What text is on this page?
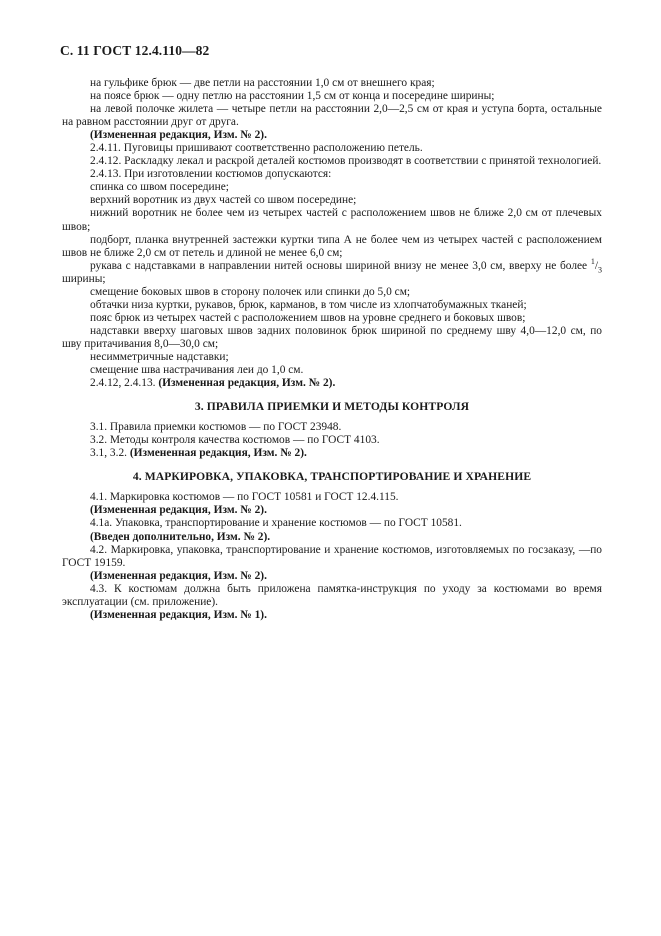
С. 11 ГОСТ 12.4.110—82

на гульфике брюк — две петли на расстоянии 1,0 см от внешнего края;

на поясе брюк — одну петлю на расстоянии 1,5 см от конца и посередине ширины;

на левой полочке жилета — четыре петли на расстоянии 2,0—2,5 см от края и уступа борта, остальные на равном расстоянии друг от друга.

(Измененная редакция, Изм. № 2).

2.4.11. Пуговицы пришивают соответственно расположению петель.

2.4.12. Раскладку лекал и раскрой деталей костюмов производят в соответствии с принятой технологией.

2.4.13. При изготовлении костюмов допускаются:

спинка со швом посередине;

верхний воротник из двух частей со швом посередине;

нижний воротник не более чем из четырех частей с расположением швов не ближе 2,0 см от плечевых швов;

подборт, планка внутренней застежки куртки типа А не более чем из четырех частей с расположением швов не ближе 2,0 см от петель и длиной не менее 6,0 см;

рукава с надставками в направлении нитей основы шириной внизу не менее 3,0 см, вверху не более $^1/_3$ ширины;

смещение боковых швов в сторону полочек или спинки до 5,0 см;

обтачки низа куртки, рукавов, брюк, карманов, в том числе из хлопчатобумажных тканей;

пояс брюк из четырех частей с расположением швов на уровне среднего и боковых швов;

надставки вверху шаговых швов задних половинок брюк шириной по среднему шву 4,0—12,0 см, по шву притачивания 8,0—30,0 см;

несимметричные надставки;

смещение шва настрачивания леи до 1,0 см.

2.4.12, 2.4.13. (Измененная редакция, Изм. № 2).

3. ПРАВИЛА ПРИЕМКИ И МЕТОДЫ КОНТРОЛЯ

3.1. Правила приемки костюмов — по ГОСТ 23948.

3.2. Методы контроля качества костюмов — по ГОСТ 4103.

3.1, 3.2. (Измененная редакция, Изм. № 2).

4. МАРКИРОВКА, УПАКОВКА, ТРАНСПОРТИРОВАНИЕ И ХРАНЕНИЕ

4.1. Маркировка костюмов — по ГОСТ 10581 и ГОСТ 12.4.115.

(Измененная редакция, Изм. № 2).

4.1а. Упаковка, транспортирование и хранение костюмов — по ГОСТ 10581.

(Введен дополнительно, Изм. № 2).

4.2. Маркировка, упаковка, транспортирование и хранение костюмов, изготовляемых по госзаказу, —по ГОСТ 19159.

(Измененная редакция, Изм. № 2).

4.3. К костюмам должна быть приложена памятка-инструкция по уходу за костюмами во время эксплуатации (см. приложение).

(Измененная редакция, Изм. № 1).
